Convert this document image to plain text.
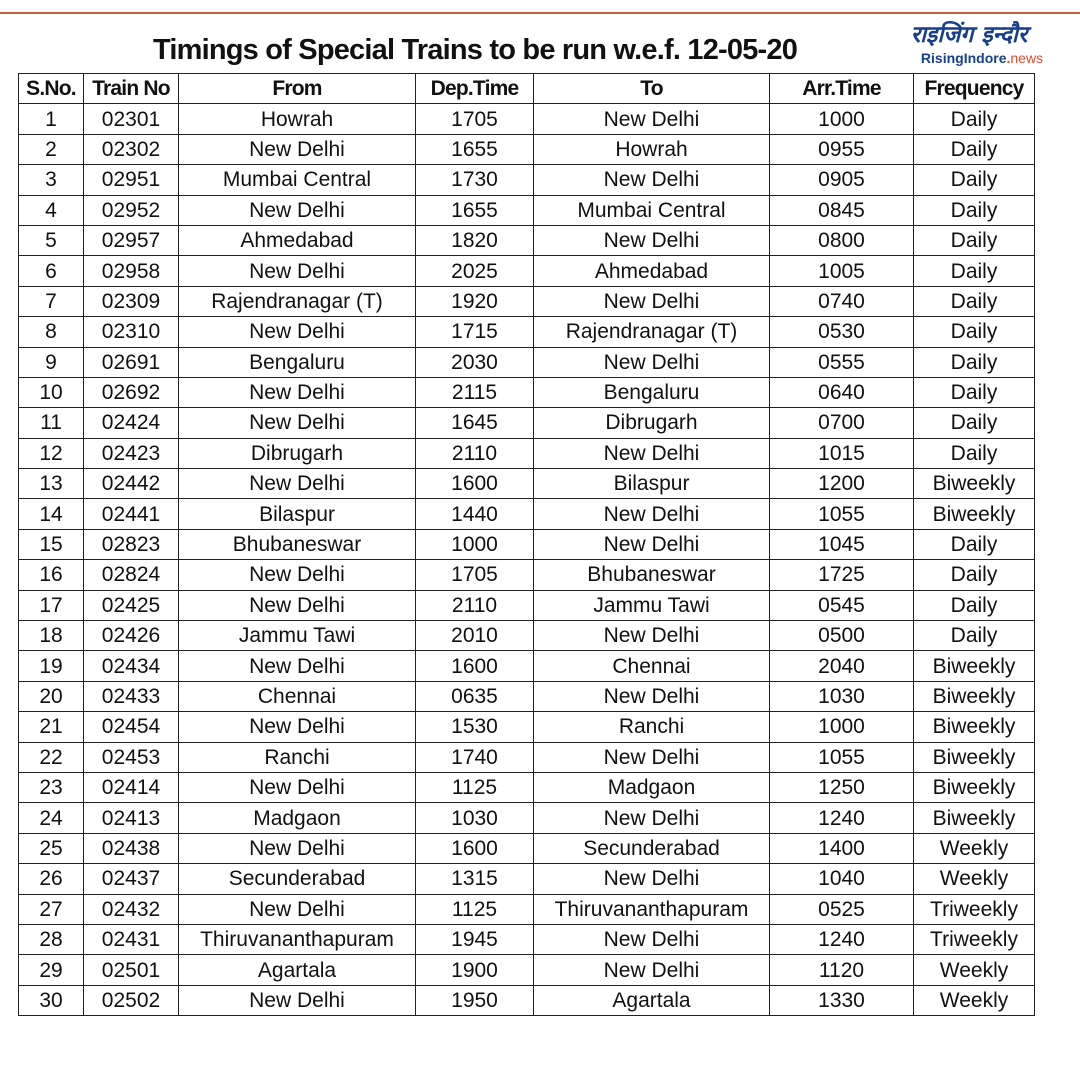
Timings of Special Trains to be run w.e.f. 12-05-20	राइजिंग इन्दौर
RisingIndore.news
S.No.	Train No	From	Dep.Time	To	Arr.Time	Frequency
1	02301	Howrah	1705	New Delhi	1000	Daily
2	02302	New Delhi	1655	Howrah	0955	Daily
3	02951	Mumbai Central	1730	New Delhi	0905	Daily
4	02952	New Delhi	1655	Mumbai Central	0845	Daily
5	02957	Ahmedabad	1820	New Delhi	0800	Daily
6	02958	New Delhi	2025	Ahmedabad	1005	Daily
7	02309	Rajendranagar (T)	1920	New Delhi	0740	Daily
8	02310	New Delhi	1715	Rajendranagar (T)	0530	Daily
9	02691	Bengaluru	2030	New Delhi	0555	Daily
10	02692	New Delhi	2115	Bengaluru	0640	Daily
11	02424	New Delhi	1645	Dibrugarh	0700	Daily
12	02423	Dibrugarh	2110	New Delhi	1015	Daily
13	02442	New Delhi	1600	Bilaspur	1200	Biweekly
14	02441	Bilaspur	1440	New Delhi	1055	Biweekly
15	02823	Bhubaneswar	1000	New Delhi	1045	Daily
16	02824	New Delhi	1705	Bhubaneswar	1725	Daily
17	02425	New Delhi	2110	Jammu Tawi	0545	Daily
18	02426	Jammu Tawi	2010	New Delhi	0500	Daily
19	02434	New Delhi	1600	Chennai	2040	Biweekly
20	02433	Chennai	0635	New Delhi	1030	Biweekly
21	02454	New Delhi	1530	Ranchi	1000	Biweekly
22	02453	Ranchi	1740	New Delhi	1055	Biweekly
23	02414	New Delhi	1125	Madgaon	1250	Biweekly
24	02413	Madgaon	1030	New Delhi	1240	Biweekly
25	02438	New Delhi	1600	Secunderabad	1400	Weekly
26	02437	Secunderabad	1315	New Delhi	1040	Weekly
27	02432	New Delhi	1125	Thiruvananthapuram	0525	Triweekly
28	02431	Thiruvananthapuram	1945	New Delhi	1240	Triweekly
29	02501	Agartala	1900	New Delhi	1120	Weekly
30	02502	New Delhi	1950	Agartala	1330	Weekly
